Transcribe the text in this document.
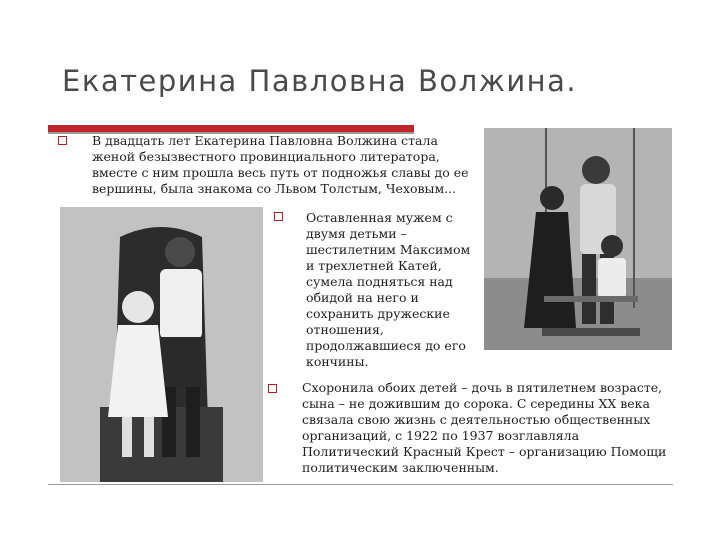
Екатерина Павловна Волжина.
В двадцать лет Екатерина Павловна Волжина стала женой безызвестного провинциального литератора, вместе с ним прошла весь путь от подножья славы до ее вершины, была знакома со Львом Толстым, Чеховым...
Оставленная мужем с двумя детьми – шестилетним Максимом и трехлетней Катей, сумела подняться над обидой на него и сохранить дружеские отношения, продолжавшиеся до его кончины.
Схоронила обоих детей – дочь в пятилетнем возрасте, сына – не дожившим до сорока. С середины ХХ века связала свою жизнь с деятельностью общественных организаций, с 1922 по 1937 возглавляла Политический Красный Крест – организацию Помощи политическим заключенным.
